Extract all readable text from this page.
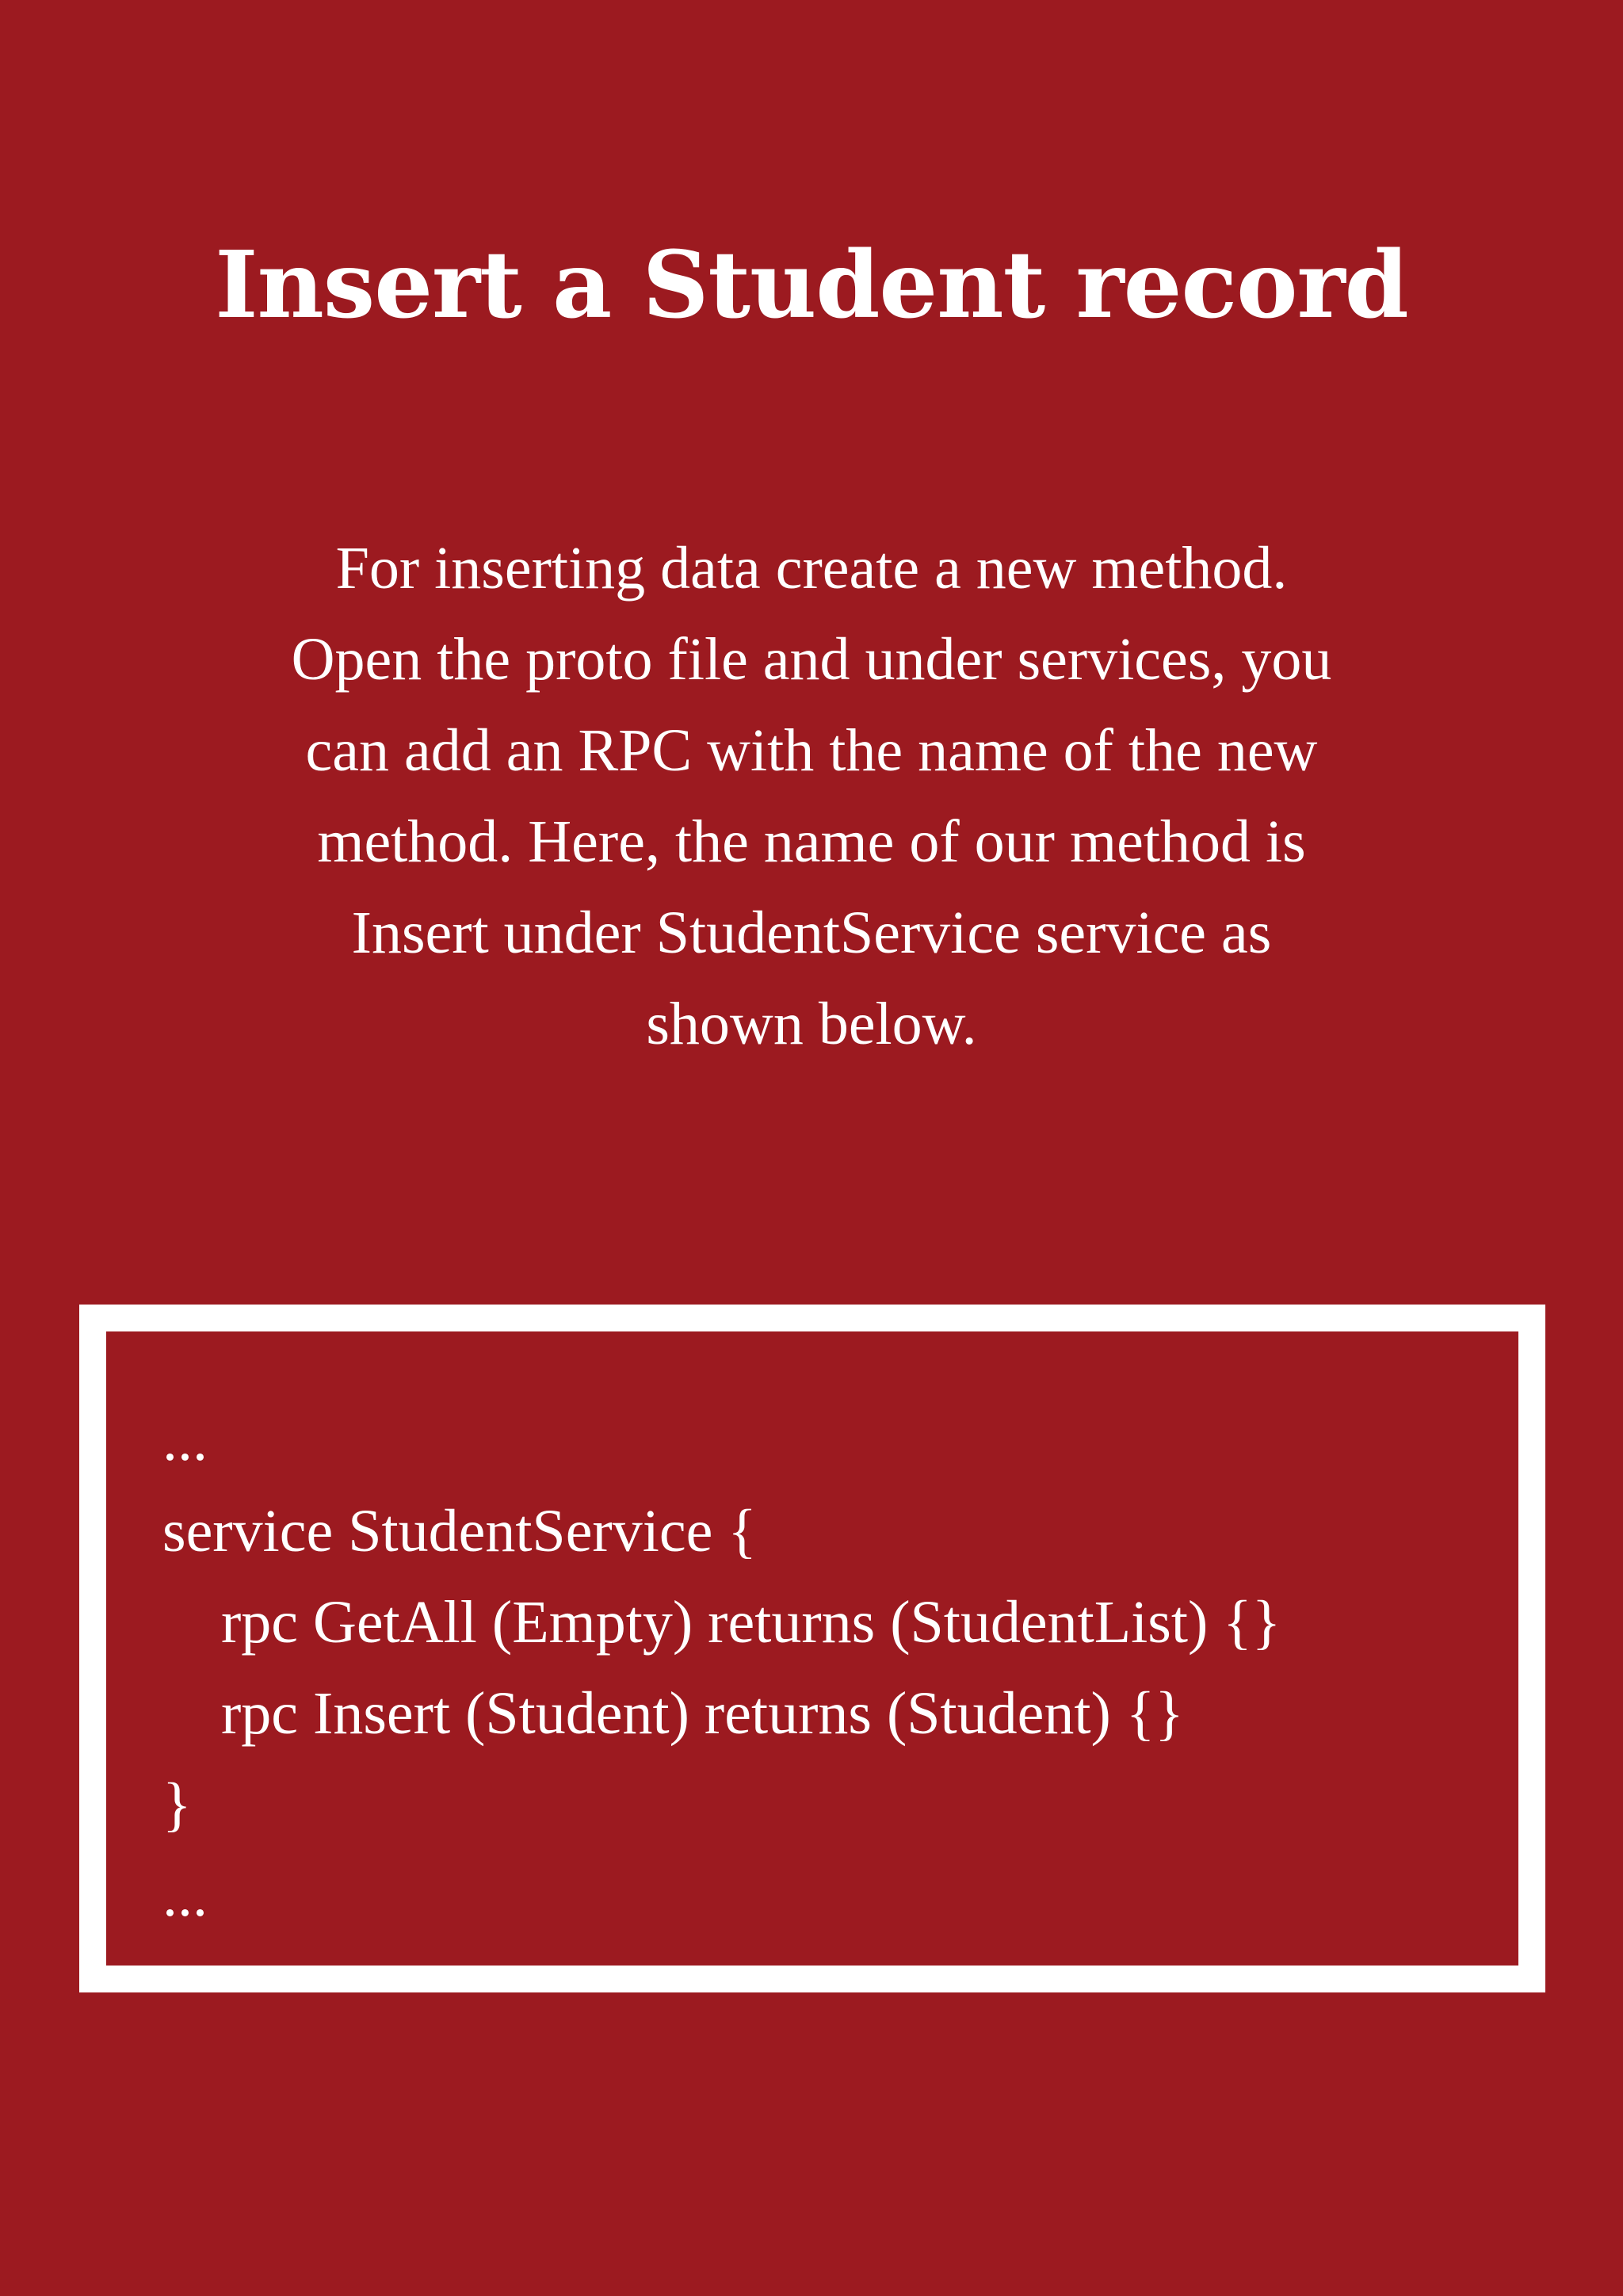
Insert a Student record
For inserting data create a new method.
Open the proto file and under services, you
can add an RPC with the name of the new
method. Here, the name of our method is
Insert under StudentService service as
shown below.
...
service StudentService {
rpc GetAll (Empty) returns (StudentList) {}
rpc Insert (Student) returns (Student) {}
}
...
